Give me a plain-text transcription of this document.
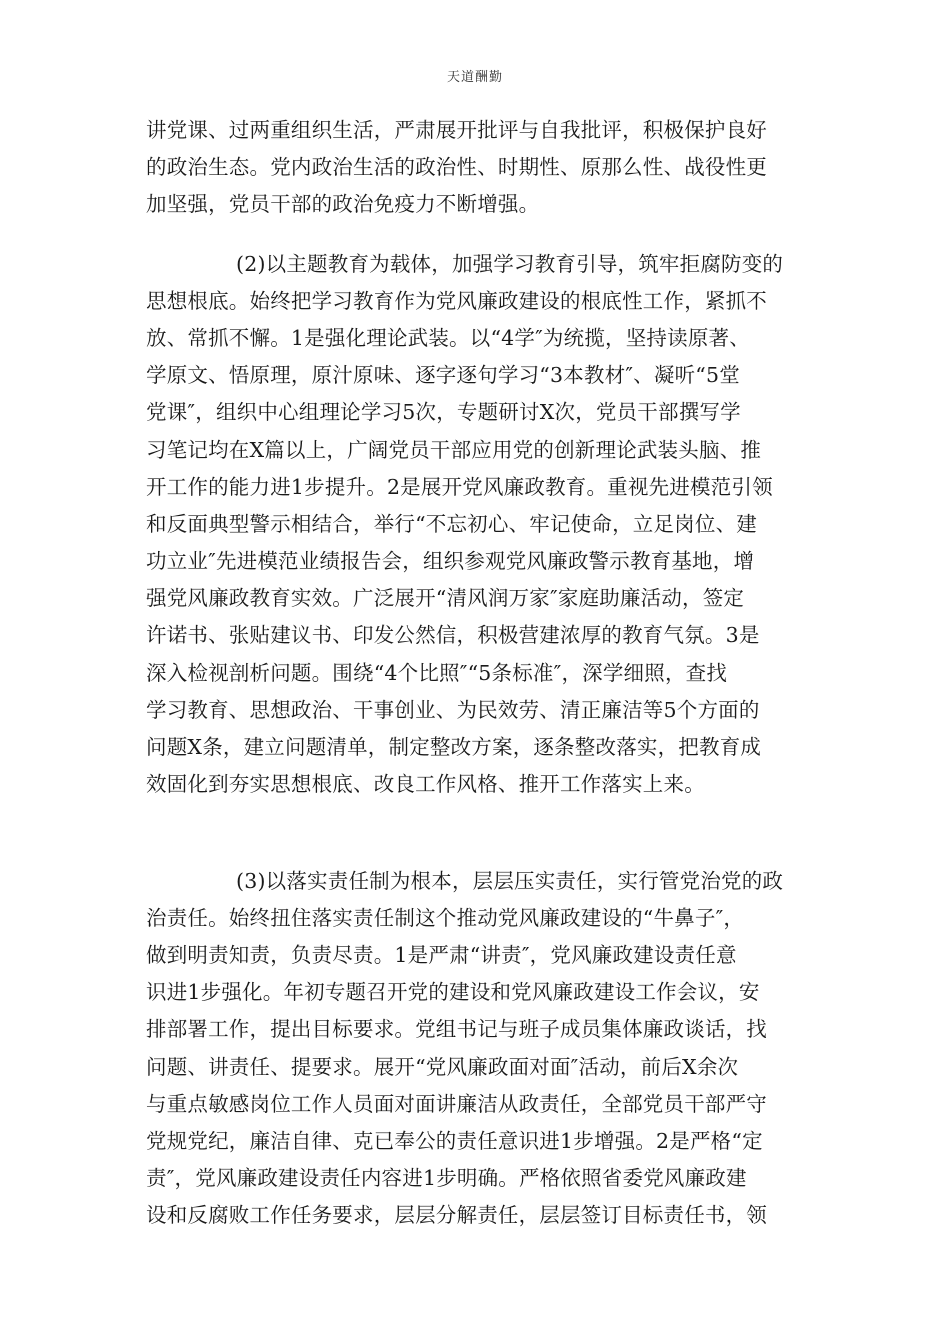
天道酬勤
讲党课、过两重组织生活，严肃展开批评与自我批评，积极保护良好
的政治生态。党内政治生活的政治性、时期性、原那么性、战役性更
加坚强，党员干部的政治免疫力不断增强。
(2)以主题教育为载体，加强学习教育引导，筑牢拒腐防变的
思想根底。始终把学习教育作为党风廉政建设的根底性工作，紧抓不
放、常抓不懈。1是强化理论武装。以“4学″为统揽，坚持读原著、
学原文、悟原理，原汁原味、逐字逐句学习“3本教材″、凝听“5堂
党课″，组织中心组理论学习5次，专题研讨X次，党员干部撰写学
习笔记均在X篇以上，广阔党员干部应用党的创新理论武装头脑、推
开工作的能力进1步提升。2是展开党风廉政教育。重视先进模范引领
和反面典型警示相结合，举行“不忘初心、牢记使命，立足岗位、建
功立业″先进模范业绩报告会，组织参观党风廉政警示教育基地，增
强党风廉政教育实效。广泛展开“清风润万家″家庭助廉活动，签定
许诺书、张贴建议书、印发公然信，积极营建浓厚的教育气氛。3是
深入检视剖析问题。围绕“4个比照″“5条标准″，深学细照，查找
学习教育、思想政治、干事创业、为民效劳、清正廉洁等5个方面的
问题X条，建立问题清单，制定整改方案，逐条整改落实，把教育成
效固化到夯实思想根底、改良工作风格、推开工作落实上来。
(3)以落实责任制为根本，层层压实责任，实行管党治党的政
治责任。始终扭住落实责任制这个推动党风廉政建设的“牛鼻子″，
做到明责知责，负责尽责。1是严肃“讲责″，党风廉政建设责任意
识进1步强化。年初专题召开党的建设和党风廉政建设工作会议，安
排部署工作，提出目标要求。党组书记与班子成员集体廉政谈话，找
问题、讲责任、提要求。展开“党风廉政面对面″活动，前后X余次
与重点敏感岗位工作人员面对面讲廉洁从政责任，全部党员干部严守
党规党纪，廉洁自律、克已奉公的责任意识进1步增强。2是严格“定
责″，党风廉政建设责任内容进1步明确。严格依照省委党风廉政建
设和反腐败工作任务要求，层层分解责任，层层签订目标责任书，领
